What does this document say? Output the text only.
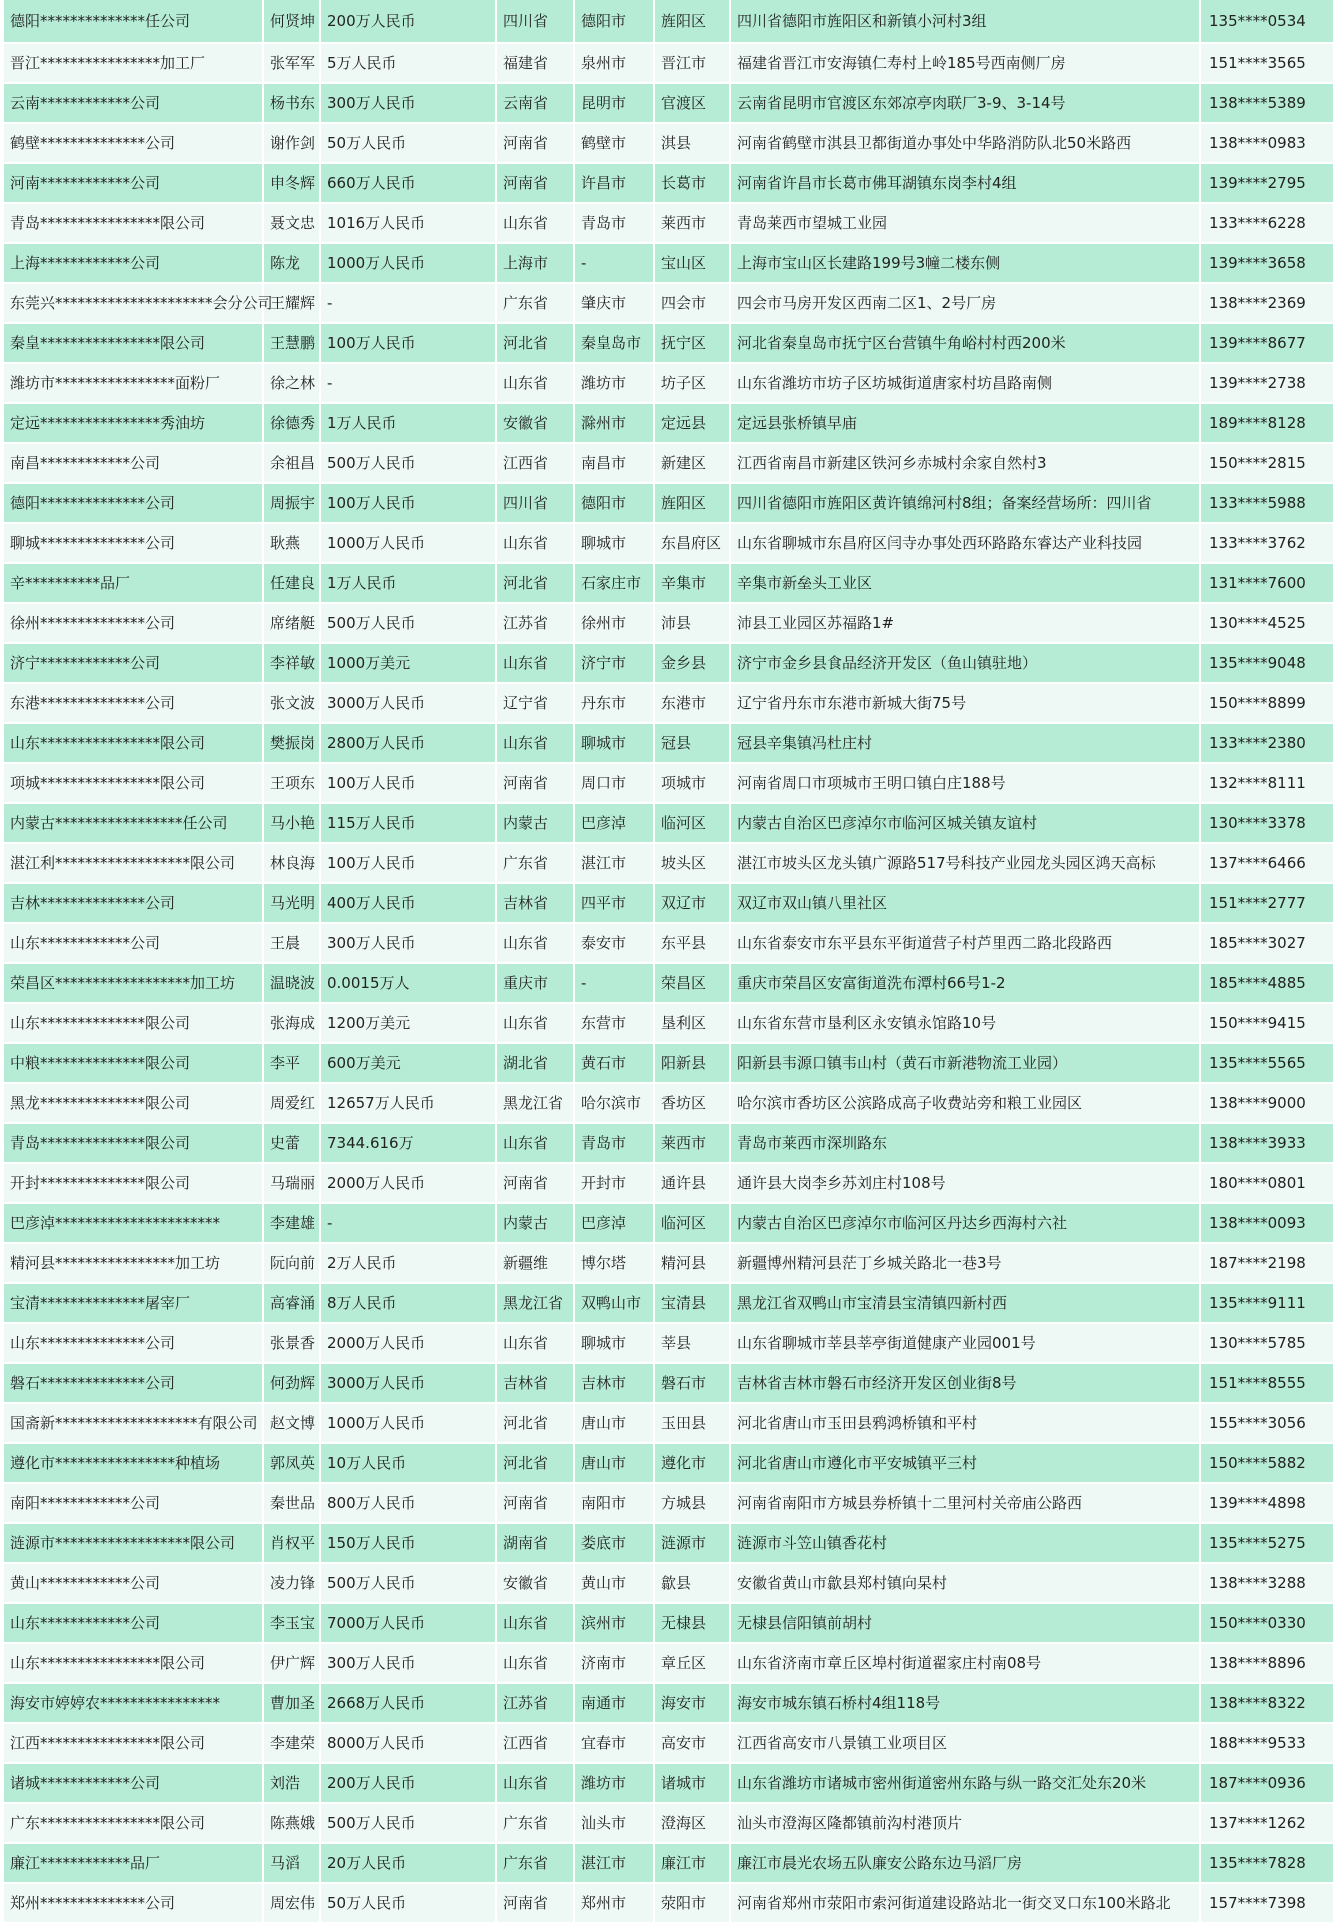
德阳**************任公司	何贤坤	200万人民币	四川省	德阳市	旌阳区	四川省德阳市旌阳区和新镇小河村3组	135****0534
晋江****************加工厂	张军军	5万人民币	福建省	泉州市	晋江市	福建省晋江市安海镇仁寿村上岭185号西南侧厂房	151****3565
云南************公司	杨书东	300万人民币	云南省	昆明市	官渡区	云南省昆明市官渡区东郊凉亭肉联厂3-9、3-14号	138****5389
鹤壁**************公司	谢作剑	50万人民币	河南省	鹤壁市	淇县	河南省鹤壁市淇县卫都街道办事处中华路消防队北50米路西	138****0983
河南************公司	申冬辉	660万人民币	河南省	许昌市	长葛市	河南省许昌市长葛市佛耳湖镇东岗李村4组	139****2795
青岛****************限公司	聂文忠	1016万人民币	山东省	青岛市	莱西市	青岛莱西市望城工业园	133****6228
上海************公司	陈龙	1000万人民币	上海市	-	宝山区	上海市宝山区长建路199号3幢二楼东侧	139****3658
东莞兴*********************会分公司	王耀辉	-	广东省	肇庆市	四会市	四会市马房开发区西南二区1、2号厂房	138****2369
秦皇****************限公司	王慧鹏	100万人民币	河北省	秦皇岛市	抚宁区	河北省秦皇岛市抚宁区台营镇牛角峪村村西200米	139****8677
潍坊市****************面粉厂	徐之林	-	山东省	潍坊市	坊子区	山东省潍坊市坊子区坊城街道唐家村坊昌路南侧	139****2738
定远****************秀油坊	徐德秀	1万人民币	安徽省	滁州市	定远县	定远县张桥镇早庙	189****8128
南昌************公司	余祖昌	500万人民币	江西省	南昌市	新建区	江西省南昌市新建区铁河乡赤城村余家自然村3	150****2815
德阳**************公司	周振宇	100万人民币	四川省	德阳市	旌阳区	四川省德阳市旌阳区黄许镇绵河村8组；备案经营场所：四川省	133****5988
聊城**************公司	耿燕	1000万人民币	山东省	聊城市	东昌府区	山东省聊城市东昌府区闫寺办事处西环路路东睿达产业科技园	133****3762
辛**********品厂	任建良	1万人民币	河北省	石家庄市	辛集市	辛集市新垒头工业区	131****7600
徐州**************公司	席绪艇	500万人民币	江苏省	徐州市	沛县	沛县工业园区苏福路1#	130****4525
济宁************公司	李祥敏	1000万美元	山东省	济宁市	金乡县	济宁市金乡县食品经济开发区（鱼山镇驻地）	135****9048
东港**************公司	张文波	3000万人民币	辽宁省	丹东市	东港市	辽宁省丹东市东港市新城大街75号	150****8899
山东****************限公司	樊振岗	2800万人民币	山东省	聊城市	冠县	冠县辛集镇冯杜庄村	133****2380
项城****************限公司	王项东	100万人民币	河南省	周口市	项城市	河南省周口市项城市王明口镇白庄188号	132****8111
内蒙古*****************任公司	马小艳	115万人民币	内蒙古	巴彦淖	临河区	内蒙古自治区巴彦淖尔市临河区城关镇友谊村	130****3378
湛江利******************限公司	林良海	100万人民币	广东省	湛江市	坡头区	湛江市坡头区龙头镇广源路517号科技产业园龙头园区鸿天高标	137****6466
吉林**************公司	马光明	400万人民币	吉林省	四平市	双辽市	双辽市双山镇八里社区	151****2777
山东************公司	王晨	300万人民币	山东省	泰安市	东平县	山东省泰安市东平县东平街道营子村芦里西二路北段路西	185****3027
荣昌区******************加工坊	温晓波	0.0015万人	重庆市	-	荣昌区	重庆市荣昌区安富街道洗布潭村66号1-2	185****4885
山东**************限公司	张海成	1200万美元	山东省	东营市	垦利区	山东省东营市垦利区永安镇永馆路10号	150****9415
中粮**************限公司	李平	600万美元	湖北省	黄石市	阳新县	阳新县韦源口镇韦山村（黄石市新港物流工业园）	135****5565
黑龙**************限公司	周爱红	12657万人民币	黑龙江省	哈尔滨市	香坊区	哈尔滨市香坊区公滨路成高子收费站旁和粮工业园区	138****9000
青岛**************限公司	史蕾	7344.616万	山东省	青岛市	莱西市	青岛市莱西市深圳路东	138****3933
开封**************限公司	马瑞丽	2000万人民币	河南省	开封市	通许县	通许县大岗李乡苏刘庄村108号	180****0801
巴彦淖**********************	李建雄	-	内蒙古	巴彦淖	临河区	内蒙古自治区巴彦淖尔市临河区丹达乡西海村六社	138****0093
精河县****************加工坊	阮向前	2万人民币	新疆维	博尔塔	精河县	新疆博州精河县茫丁乡城关路北一巷3号	187****2198
宝清**************屠宰厂	高睿涌	8万人民币	黑龙江省	双鸭山市	宝清县	黑龙江省双鸭山市宝清县宝清镇四新村西	135****9111
山东**************公司	张景香	2000万人民币	山东省	聊城市	莘县	山东省聊城市莘县莘亭街道健康产业园001号	130****5785
磐石**************公司	何劲辉	3000万人民币	吉林省	吉林市	磐石市	吉林省吉林市磐石市经济开发区创业街8号	151****8555
国斋新*******************有限公司	赵文博	1000万人民币	河北省	唐山市	玉田县	河北省唐山市玉田县鸦鸿桥镇和平村	155****3056
遵化市****************种植场	郭凤英	10万人民币	河北省	唐山市	遵化市	河北省唐山市遵化市平安城镇平三村	150****5882
南阳************公司	秦世品	800万人民币	河南省	南阳市	方城县	河南省南阳市方城县券桥镇十二里河村关帝庙公路西	139****4898
涟源市******************限公司	肖权平	150万人民币	湖南省	娄底市	涟源市	涟源市斗笠山镇香花村	135****5275
黄山************公司	凌力锋	500万人民币	安徽省	黄山市	歙县	安徽省黄山市歙县郑村镇向杲村	138****3288
山东************公司	李玉宝	7000万人民币	山东省	滨州市	无棣县	无棣县信阳镇前胡村	150****0330
山东****************限公司	伊广辉	300万人民币	山东省	济南市	章丘区	山东省济南市章丘区埠村街道翟家庄村南08号	138****8896
海安市婷婷农****************	曹加圣	2668万人民币	江苏省	南通市	海安市	海安市城东镇石桥村4组118号	138****8322
江西****************限公司	李建荣	8000万人民币	江西省	宜春市	高安市	江西省高安市八景镇工业项目区	188****9533
诸城************公司	刘浩	200万人民币	山东省	潍坊市	诸城市	山东省潍坊市诸城市密州街道密州东路与纵一路交汇处东20米	187****0936
广东****************限公司	陈燕娥	500万人民币	广东省	汕头市	澄海区	汕头市澄海区隆都镇前沟村港顶片	137****1262
廉江************品厂	马滔	20万人民币	广东省	湛江市	廉江市	廉江市晨光农场五队廉安公路东边马滔厂房	135****7828
郑州**************公司	周宏伟	50万人民币	河南省	郑州市	荥阳市	河南省郑州市荥阳市索河街道建设路站北一街交叉口东100米路北	157****7398
